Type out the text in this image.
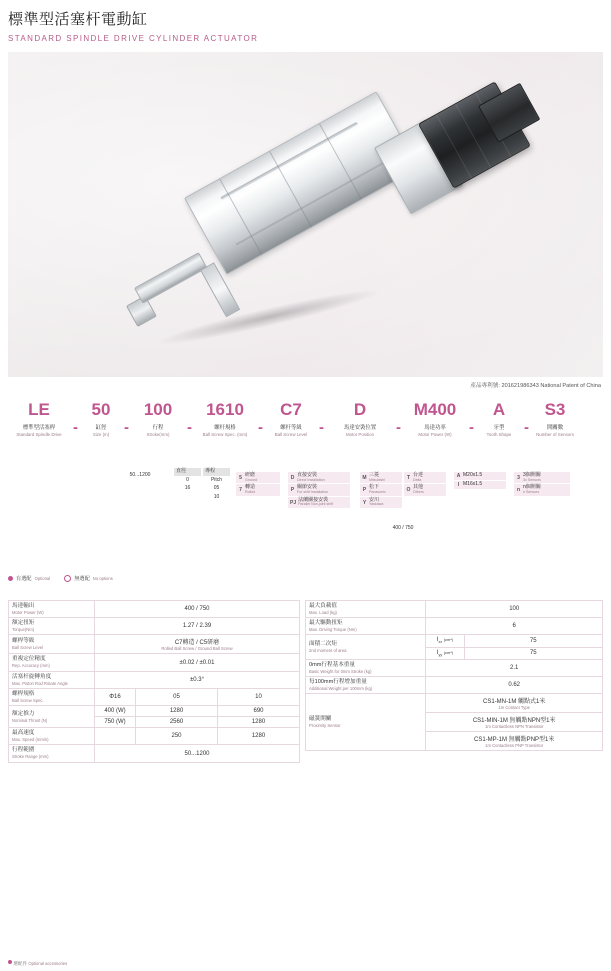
標準型活塞杆電動缸
STANDARD SPINDLE DRIVE CYLINDER ACTUATOR
產品專利號: 201621986343 National Patent of China
LE
標準型活塞桿
Standard Spindle Drive -
50
缸徑
Size (m) -
100
行程
Stroke(mm)	-
1610
螺杆規格
Ball Screw Spec. (mm) -
C7
螺杆等級
Ball Screw Level -
D
馬達安裝位置
Motor Position	-
M400
馬達功率
Motor Power (W)	-
A
牙型
Tooth Shape -
S3
開關數
Number of Sensors
50...1200
直徑
0
16
導程
Pitch
05
10
5 研磨
Ground
7 轉造
Rolled
D 直接安裝
Direct Installation
P 關節安裝
For shift installation
PJ 法蘭關接安裝
Parallel Non-joint shift
M 三菱
Mitsubishi
P 松下
Panasonic
Y 安川
Yaskawa
T 台達
Delta
O 其他
Others
400 / 750
A M20x1.5
I M16x1.5
3 3個開關
3x Sensors
n n個開關
n Sensors
有選配 Optional	無選配 No options
馬達輸出
Motor Power (W)	400 / 750		
額定扭矩
Torque(Nm)	1.27 / 2.39		
螺桿等級
Ball Screw Level	C7轉造 / C5研磨
Rolled Ball Screw / Ground Ball Screw		

重複定位精度
Rep. Accuracy (mm)	±0.02 / ±0.01		
活塞杆旋轉角度
Max. Piston Rod Rotate Angle	±0.3°		
螺桿規格
Ball Screw Spec.	Φ16	05	10
額定推力
Nominal Thrust (N)	400 (W)	1280	690
	750 (W)	2560	1280
最高速度
Max. Speed (mm/s)		250	1280
行程範圍
Stroke Range (mm)	50...1200		
最大負載值
Max. Load (kg)	100	
最大驅動扭矩
Max. Driving Torque (Nm)	6	
面積二次矩
2nd moment of area	$I_{xx}$ (cm⁴)	75
	$I_{yy}$ (cm⁴)	75
0mm行程基本重量
Basic Weight for 0mm Stroke (kg)	2.1	
每100mm行程增加重量
Additional Weight per 100mm (kg)	0.62	
磁簧開關
Proximity Sensor	CS1-MN-1M 觸點式1米
1m Contact Type	

	CS1-MIN-1M 無觸點NPN型1米
1m Contactless NPN Transistor	

	CS1-MP-1M 無觸點PNP型1米
1m Contactless PNP Transistor	
選配件 Optional accessories
